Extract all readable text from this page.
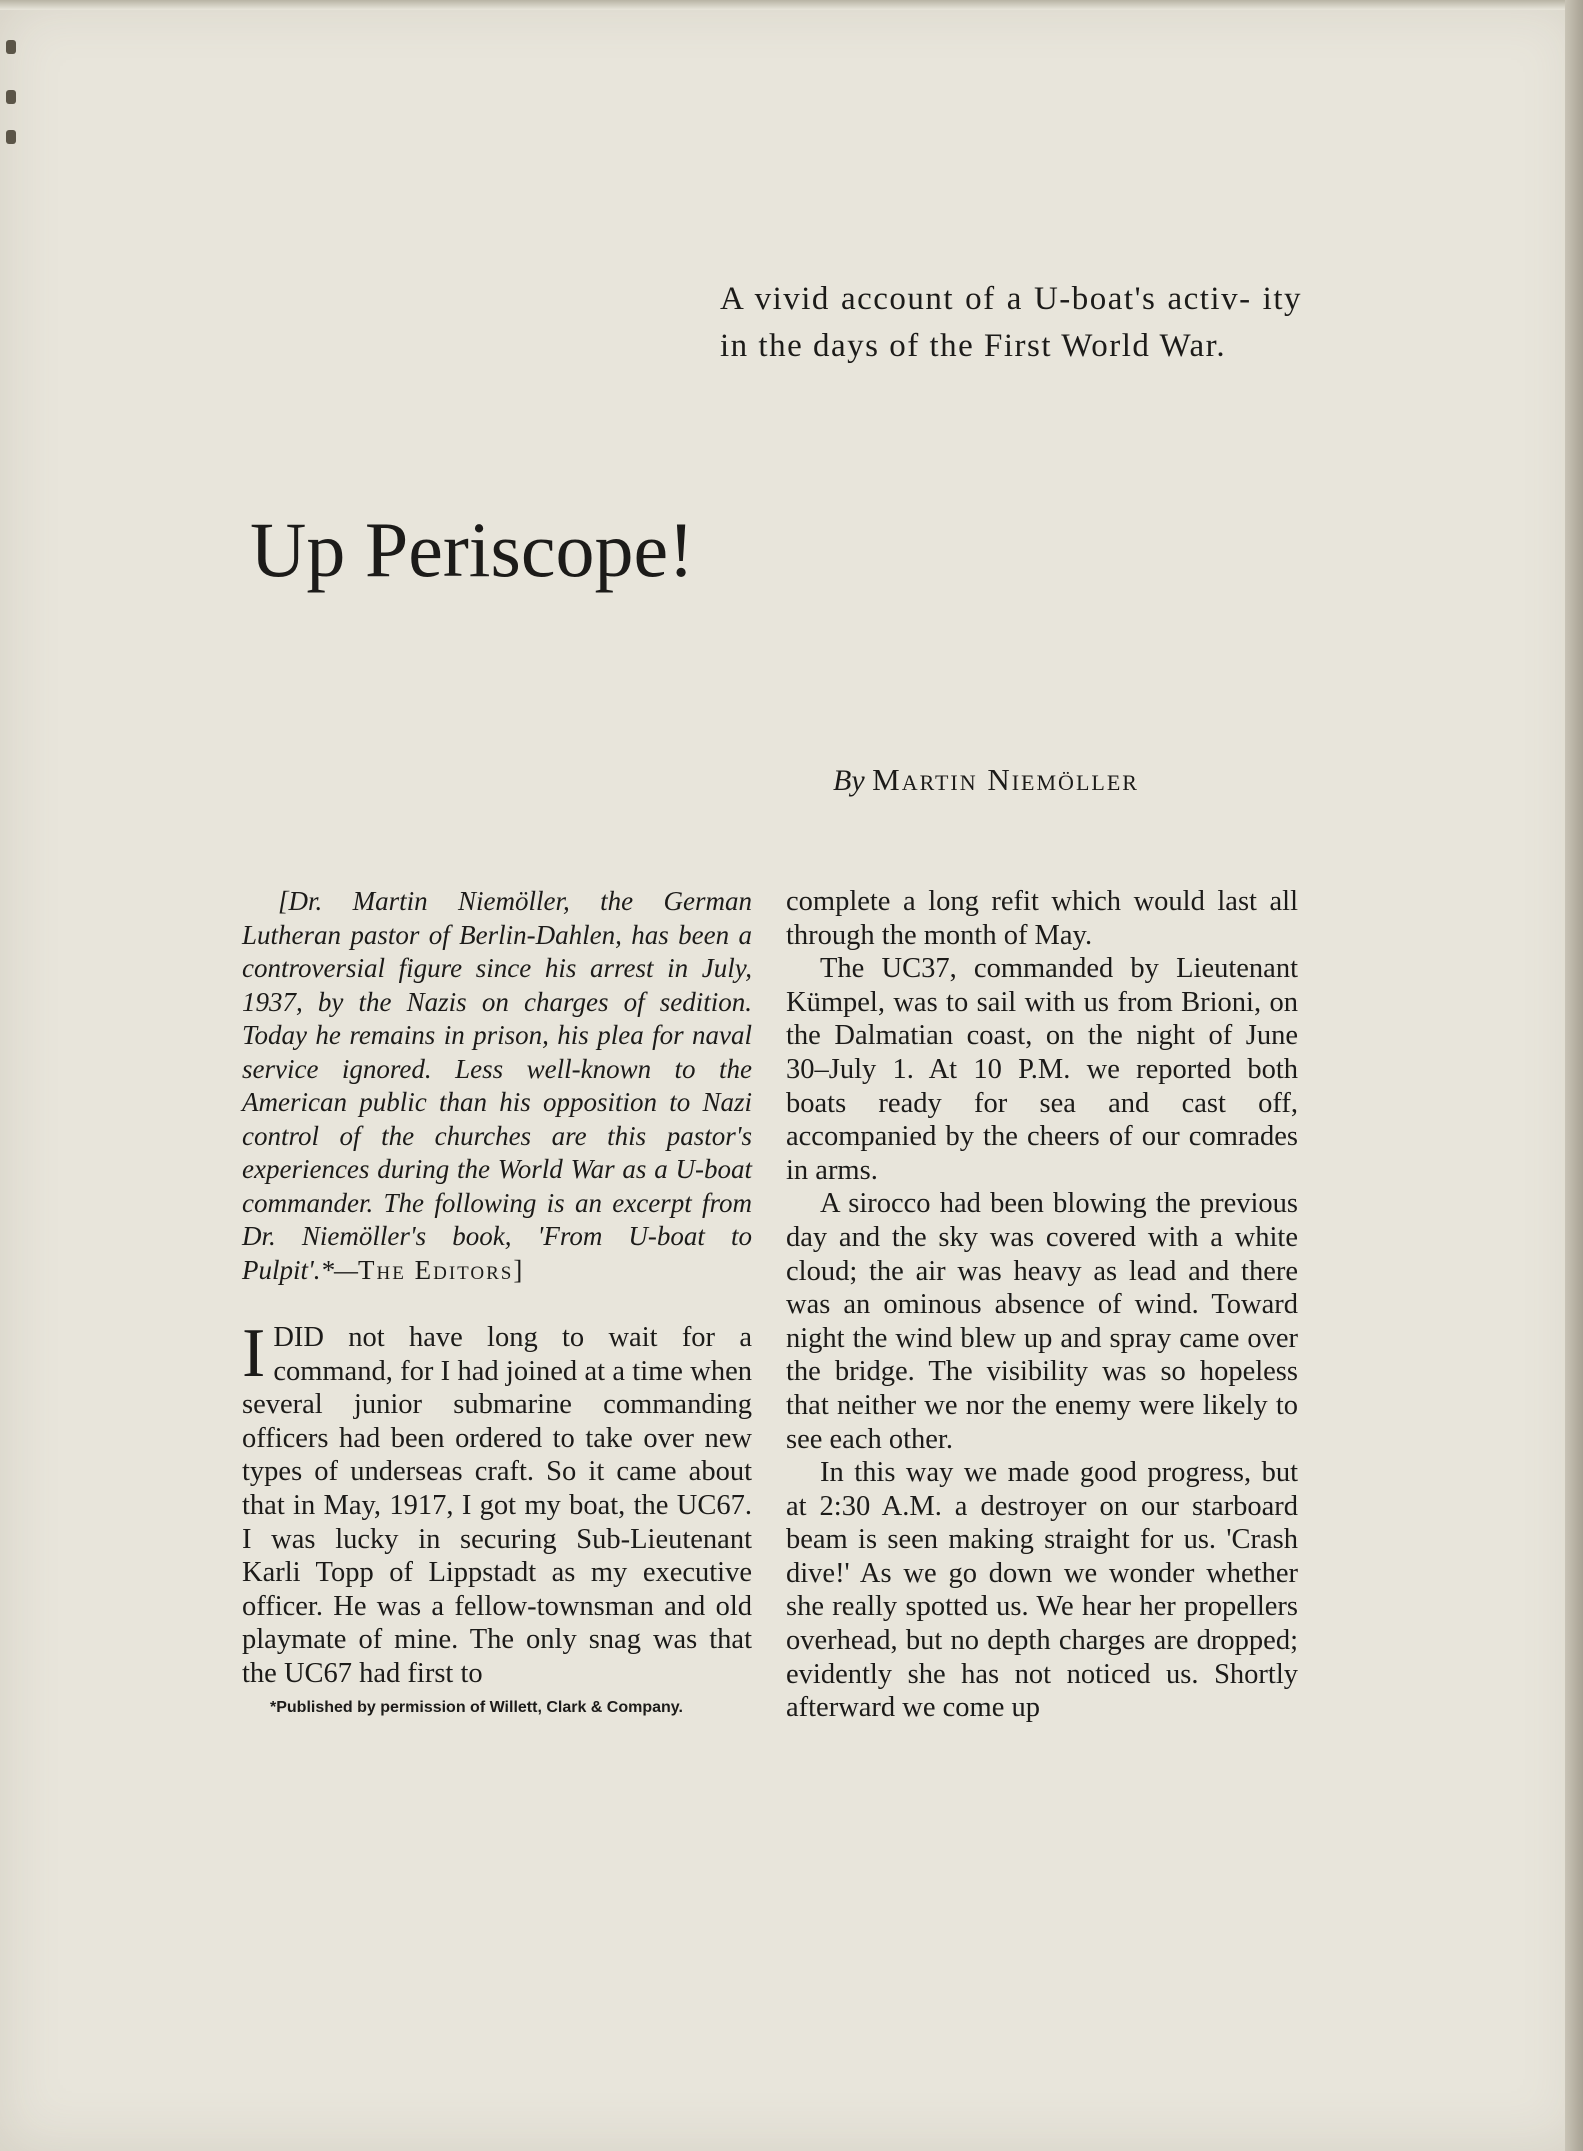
A vivid account of a U-boat's activ- ity in the days of the First World War.
Up Periscope!
By Martin Niemöller

[Dr. Martin Niemöller, the German Lutheran pastor of Berlin-Dahlen, has been a controversial figure since his arrest in July, 1937, by the Nazis on charges of sedition. Today he remains in prison, his plea for naval service ignored. Less well-known to the American public than his opposition to Nazi control of the churches are this pastor's experiences during the World War as a U-boat commander. The following is an excerpt from Dr. Niemöller's book, 'From U-boat to Pulpit'.*—The Editors]

IDID not have long to wait for a command, for I had joined at a time when several junior submarine commanding officers had been ordered to take over new types of underseas craft. So it came about that in May, 1917, I got my boat, the UC67. I was lucky in securing Sub-Lieutenant Karli Topp of Lippstadt as my executive officer. He was a fellow-townsman and old playmate of mine. The only snag was that the UC67 had first to

*Published by permission of Willett, Clark & Company.

complete a long refit which would last all through the month of May.

The UC37, commanded by Lieutenant Kümpel, was to sail with us from Brioni, on the Dalmatian coast, on the night of June 30–July 1. At 10 P.M. we reported both boats ready for sea and cast off, accompanied by the cheers of our comrades in arms.

A sirocco had been blowing the previous day and the sky was covered with a white cloud; the air was heavy as lead and there was an ominous absence of wind. Toward night the wind blew up and spray came over the bridge. The visibility was so hopeless that neither we nor the enemy were likely to see each other.

In this way we made good progress, but at 2:30 A.M. a destroyer on our starboard beam is seen making straight for us. 'Crash dive!' As we go down we wonder whether she really spotted us. We hear her propellers overhead, but no depth charges are dropped; evidently she has not noticed us. Shortly afterward we come up
